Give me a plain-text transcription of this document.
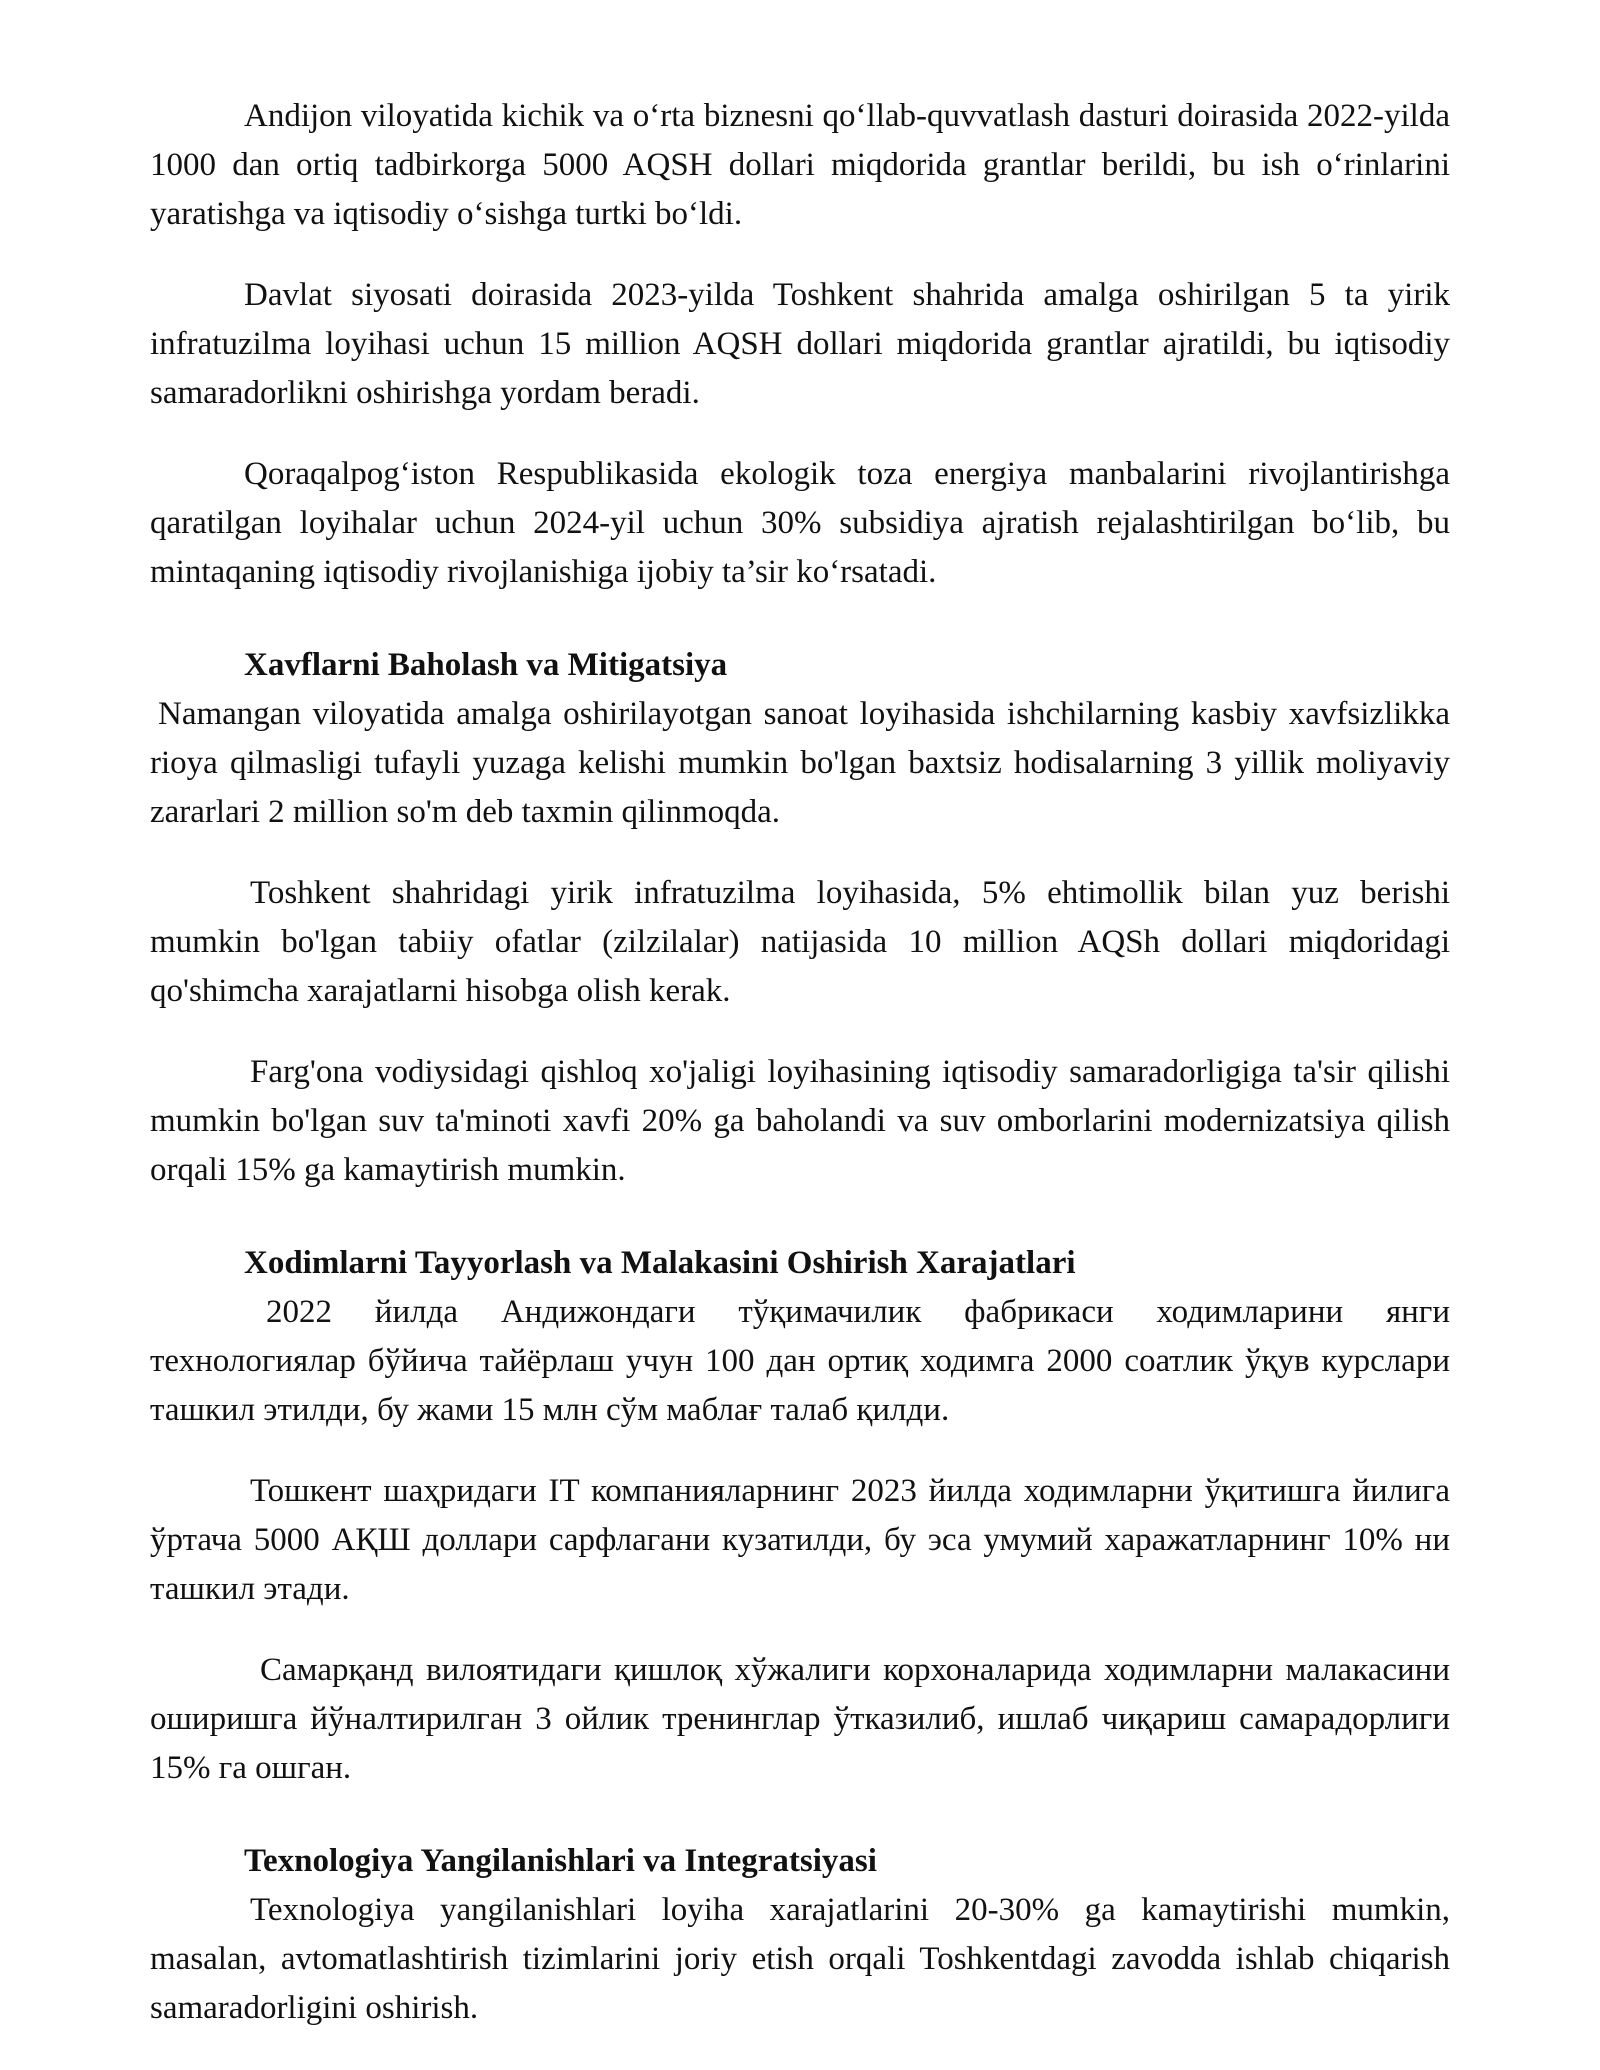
Andijon viloyatida kichik va o‘rta biznesni qo‘llab-quvvatlash dasturi doirasida 2022-yilda 1000 dan ortiq tadbirkorga 5000 AQSH dollari miqdorida grantlar berildi, bu ish o‘rinlarini yaratishga va iqtisodiy o‘sishga turtki bo‘ldi.

Davlat siyosati doirasida 2023-yilda Toshkent shahrida amalga oshirilgan 5 ta yirik infratuzilma loyihasi uchun 15 million AQSH dollari miqdorida grantlar ajratildi, bu iqtisodiy samaradorlikni oshirishga yordam beradi.

Qoraqalpog‘iston Respublikasida ekologik toza energiya manbalarini rivojlantirishga qaratilgan loyihalar uchun 2024-yil uchun 30% subsidiya ajratish rejalashtirilgan bo‘lib, bu mintaqaning iqtisodiy rivojlanishiga ijobiy ta’sir ko‘rsatadi.

Xavflarni Baholash va Mitigatsiya

Namangan viloyatida amalga oshirilayotgan sanoat loyihasida ishchilarning kasbiy xavfsizlikka rioya qilmasligi tufayli yuzaga kelishi mumkin bo'lgan baxtsiz hodisalarning 3 yillik moliyaviy zararlari 2 million so'm deb taxmin qilinmoqda.

Toshkent shahridagi yirik infratuzilma loyihasida, 5% ehtimollik bilan yuz berishi mumkin bo'lgan tabiiy ofatlar (zilzilalar) natijasida 10 million AQSh dollari miqdoridagi qo'shimcha xarajatlarni hisobga olish kerak.

Farg'ona vodiysidagi qishloq xo'jaligi loyihasining iqtisodiy samaradorligiga ta'sir qilishi mumkin bo'lgan suv ta'minoti xavfi 20% ga baholandi va suv omborlarini modernizatsiya qilish orqali 15% ga kamaytirish mumkin.

Xodimlarni Tayyorlash va Malakasini Oshirish Xarajatlari

2022 йилда Андижондаги тўқимачилик фабрикаси ходимларини янги технологиялар бўйича тайёрлаш учун 100 дан ортиқ ходимга 2000 соатлик ўқув курслари ташкил этилди, бу жами 15 млн сўм маблағ талаб қилди.

Тошкент шаҳридаги IT компанияларнинг 2023 йилда ходимларни ўқитишга йилига ўртача 5000 АҚШ доллари сарфлагани кузатилди, бу эса умумий харажатларнинг 10% ни ташкил этади.

Самарқанд вилоятидаги қишлоқ хўжалиги корхоналарида ходимларни малакасини оширишга йўналтирилган 3 ойлик тренинглар ўтказилиб, ишлаб чиқариш самарадорлиги 15% га ошган.

Texnologiya Yangilanishlari va Integratsiyasi

Texnologiya yangilanishlari loyiha xarajatlarini 20-30% ga kamaytirishi mumkin, masalan, avtomatlashtirish tizimlarini joriy etish orqali Toshkentdagi zavodda ishlab chiqarish samaradorligini oshirish.
